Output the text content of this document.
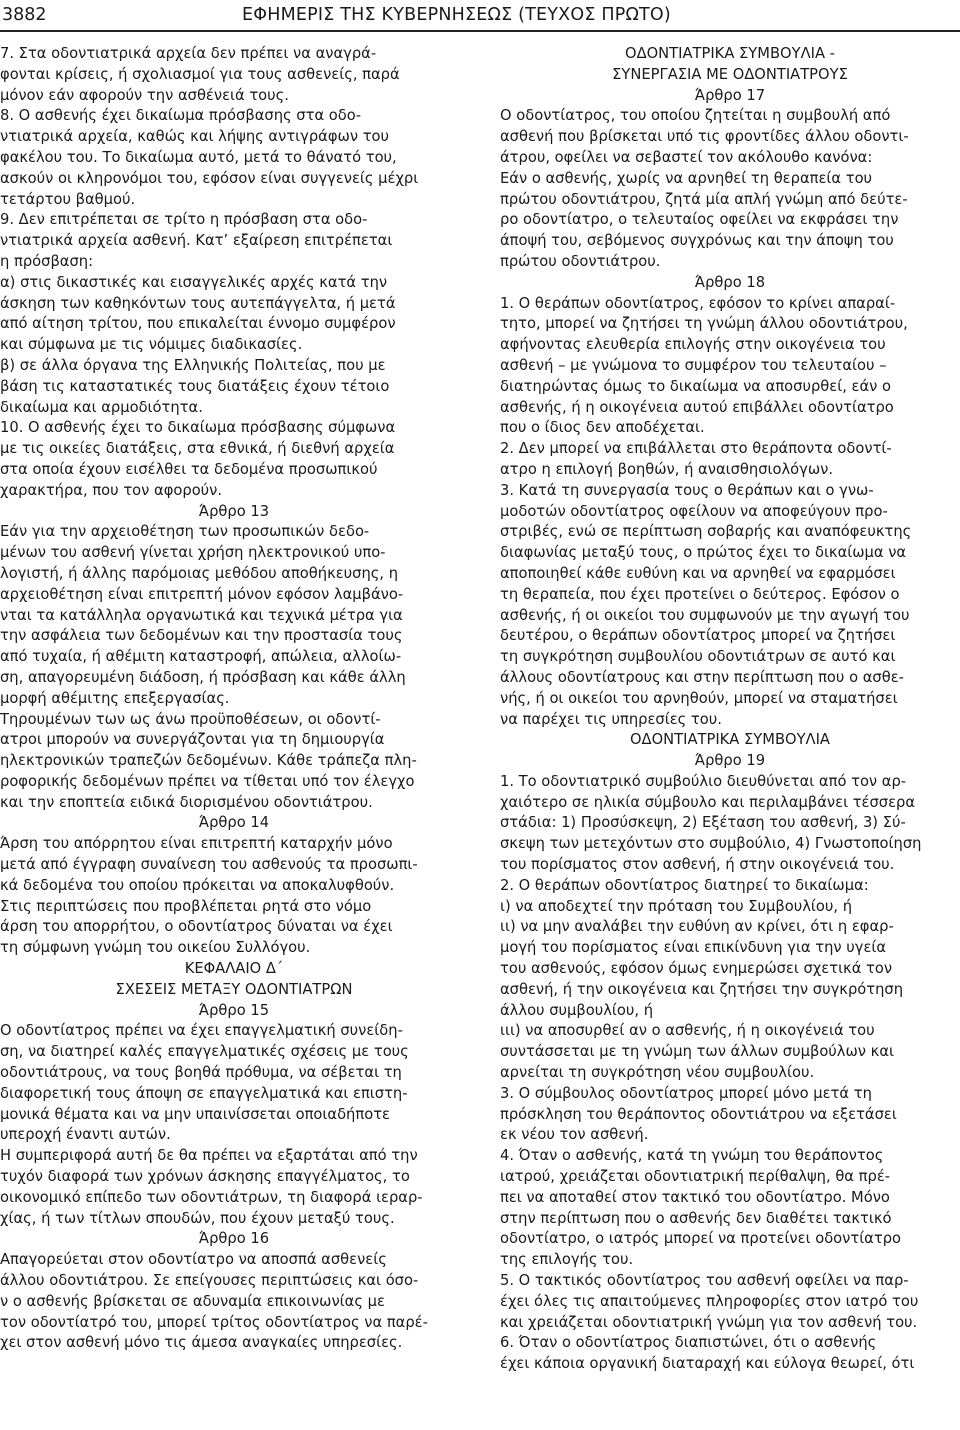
3882	ΕΦΗΜΕΡΙΣ ΤΗΣ ΚΥΒΕΡΝΗΣΕΩΣ (ΤΕΥΧΟΣ ΠΡΩΤΟ)

7. Στα οδοντιατρικά αρχεία δεν πρέπει να αναγρά-

φονται κρίσεις, ή σχολιασμοί για τους ασθενείς, παρά

μόνον εάν αφορούν την ασθένειά τους.

8. Ο ασθενής έχει δικαίωμα πρόσβασης στα οδο-

ντιατρικά αρχεία, καθώς και λήψης αντιγράφων του

φακέλου του. Το δικαίωμα αυτό, μετά το θάνατό του,

ασκούν οι κληρονόμοι του, εφόσον είναι συγγενείς μέχρι

τετάρτου βαθμού.

9. Δεν επιτρέπεται σε τρίτο η πρόσβαση στα οδο-

ντιατρικά αρχεία ασθενή. Κατ’ εξαίρεση επιτρέπεται

η πρόσβαση:

α) στις δικαστικές και εισαγγελικές αρχές κατά την

άσκηση των καθηκόντων τους αυτεπάγγελτα, ή μετά

από αίτηση τρίτου, που επικαλείται έννομο συμφέρον

και σύμφωνα με τις νόμιμες διαδικασίες.

β) σε άλλα όργανα της Ελληνικής Πολιτείας, που με

βάση τις καταστατικές τους διατάξεις έχουν τέτοιο

δικαίωμα και αρμοδιότητα.

10. Ο ασθενής έχει το δικαίωμα πρόσβασης σύμφωνα

με τις οικείες διατάξεις, στα εθνικά, ή διεθνή αρχεία

στα οποία έχουν εισέλθει τα δεδομένα προσωπικού

χαρακτήρα, που τον αφορούν.

Άρθρο 13

Εάν για την αρχειοθέτηση των προσωπικών δεδο-

μένων του ασθενή γίνεται χρήση ηλεκτρονικού υπο-

λογιστή, ή άλλης παρόμοιας μεθόδου αποθήκευσης, η

αρχειοθέτηση είναι επιτρεπτή μόνον εφόσον λαμβάνο-

νται τα κατάλληλα οργανωτικά και τεχνικά μέτρα για

την ασφάλεια των δεδομένων και την προστασία τους

από τυχαία, ή αθέμιτη καταστροφή, απώλεια, αλλοίω-

ση, απαγορευμένη διάδοση, ή πρόσβαση και κάθε άλλη

μορφή αθέμιτης επεξεργασίας.

Τηρουμένων των ως άνω προϋποθέσεων, οι οδοντί-

ατροι μπορούν να συνεργάζονται για τη δημιουργία

ηλεκτρονικών τραπεζών δεδομένων. Κάθε τράπεζα πλη-

ροφορικής δεδομένων πρέπει να τίθεται υπό τον έλεγχο

και την εποπτεία ειδικά διορισμένου οδοντιάτρου.

Άρθρο 14

Άρση του απόρρητου είναι επιτρεπτή καταρχήν μόνο

μετά από έγγραφη συναίνεση του ασθενούς τα προσωπι-

κά δεδομένα του οποίου πρόκειται να αποκαλυφθούν.

Στις περιπτώσεις που προβλέπεται ρητά στο νόμο

άρση του απορρήτου, ο οδοντίατρος δύναται να έχει

τη σύμφωνη γνώμη του οικείου Συλλόγου.

ΚΕΦΑΛΑΙΟ Δ΄

ΣΧΕΣΕΙΣ ΜΕΤΑΞΥ ΟΔΟΝΤΙΑΤΡΩΝ

Άρθρο 15

Ο οδοντίατρος πρέπει να έχει επαγγελματική συνείδη-

ση, να διατηρεί καλές επαγγελματικές σχέσεις με τους

οδοντιάτρους, να τους βοηθά πρόθυμα, να σέβεται τη

διαφορετική τους άποψη σε επαγγελματικά και επιστη-

μονικά θέματα και να μην υπαινίσσεται οποιαδήποτε

υπεροχή έναντι αυτών.

Η συμπεριφορά αυτή δε θα πρέπει να εξαρτάται από την

τυχόν διαφορά των χρόνων άσκησης επαγγέλματος, το

οικονομικό επίπεδο των οδοντιάτρων, τη διαφορά ιεραρ-

χίας, ή των τίτλων σπουδών, που έχουν μεταξύ τους.

Άρθρο 16

Απαγορεύεται στον οδοντίατρο να αποσπά ασθενείς

άλλου οδοντιάτρου. Σε επείγουσες περιπτώσεις και όσο-

ν ο ασθενής βρίσκεται σε αδυναμία επικοινωνίας με

τον οδοντίατρό του, μπορεί τρίτος οδοντίατρος να παρέ-

χει στον ασθενή μόνο τις άμεσα αναγκαίες υπηρεσίες.

ΟΔΟΝΤΙΑΤΡΙΚΑ ΣΥΜΒΟΥΛΙΑ -

ΣΥΝΕΡΓΑΣΙΑ ΜΕ ΟΔΟΝΤΙΑΤΡΟΥΣ

Άρθρο 17

Ο οδοντίατρος, του οποίου ζητείται η συμβουλή από

ασθενή που βρίσκεται υπό τις φροντίδες άλλου οδοντι-

άτρου, οφείλει να σεβαστεί τον ακόλουθο κανόνα:

Εάν ο ασθενής, χωρίς να αρνηθεί τη θεραπεία του

πρώτου οδοντιάτρου, ζητά μία απλή γνώμη από δεύτε-

ρο οδοντίατρο, ο τελευταίος οφείλει να εκφράσει την

άποψή του, σεβόμενος συγχρόνως και την άποψη του

πρώτου οδοντιάτρου.

Άρθρο 18

1. Ο θεράπων οδοντίατρος, εφόσον το κρίνει απαραί-

τητο, μπορεί να ζητήσει τη γνώμη άλλου οδοντιάτρου,

αφήνοντας ελευθερία επιλογής στην οικογένεια του

ασθενή – με γνώμονα το συμφέρον του τελευταίου –

διατηρώντας όμως το δικαίωμα να αποσυρθεί, εάν ο

ασθενής, ή η οικογένεια αυτού επιβάλλει οδοντίατρο

που ο ίδιος δεν αποδέχεται.

2. Δεν μπορεί να επιβάλλεται στο θεράποντα οδοντί-

ατρο η επιλογή βοηθών, ή αναισθησιολόγων.

3. Κατά τη συνεργασία τους ο θεράπων και ο γνω-

μοδοτών οδοντίατρος οφείλουν να αποφεύγουν προ-

στριβές, ενώ σε περίπτωση σοβαρής και αναπόφευκτης

διαφωνίας μεταξύ τους, ο πρώτος έχει το δικαίωμα να

αποποιηθεί κάθε ευθύνη και να αρνηθεί να εφαρμόσει

τη θεραπεία, που έχει προτείνει ο δεύτερος. Εφόσον ο

ασθενής, ή οι οικείοι του συμφωνούν με την αγωγή του

δευτέρου, ο θεράπων οδοντίατρος μπορεί να ζητήσει

τη συγκρότηση συμβουλίου οδοντιάτρων σε αυτό και

άλλους οδοντίατρους και στην περίπτωση που ο ασθε-

νής, ή οι οικείοι του αρνηθούν, μπορεί να σταματήσει

να παρέχει τις υπηρεσίες του.

ΟΔΟΝΤΙΑΤΡΙΚΑ ΣΥΜΒΟΥΛΙΑ

Άρθρο 19

1. Το οδοντιατρικό συμβούλιο διευθύνεται από τον αρ-

χαιότερο σε ηλικία σύμβουλο και περιλαμβάνει τέσσερα

στάδια: 1) Προσύσκεψη, 2) Εξέταση του ασθενή, 3) Σύ-

σκεψη των μετεχόντων στο συμβούλιο, 4) Γνωστοποίηση

του πορίσματος στον ασθενή, ή στην οικογένειά του.

2. Ο θεράπων οδοντίατρος διατηρεί το δικαίωμα:

ι) να αποδεχτεί την πρόταση του Συμβουλίου, ή

ιι) να μην αναλάβει την ευθύνη αν κρίνει, ότι η εφαρ-

μογή του πορίσματος είναι επικίνδυνη για την υγεία

του ασθενούς, εφόσον όμως ενημερώσει σχετικά τον

ασθενή, ή την οικογένεια και ζητήσει την συγκρότηση

άλλου συμβουλίου, ή

ιιι) να αποσυρθεί αν ο ασθενής, ή η οικογένειά του

συντάσσεται με τη γνώμη των άλλων συμβούλων και

αρνείται τη συγκρότηση νέου συμβουλίου.

3. Ο σύμβουλος οδοντίατρος μπορεί μόνο μετά τη

πρόσκληση του θεράποντος οδοντιάτρου να εξετάσει

εκ νέου τον ασθενή.

4. Όταν ο ασθενής, κατά τη γνώμη του θεράποντος

ιατρού, χρειάζεται οδοντιατρική περίθαλψη, θα πρέ-

πει να αποταθεί στον τακτικό του οδοντίατρο. Μόνο

στην περίπτωση που ο ασθενής δεν διαθέτει τακτικό

οδοντίατρο, ο ιατρός μπορεί να προτείνει οδοντίατρο

της επιλογής του.

5. Ο τακτικός οδοντίατρος του ασθενή οφείλει να παρ-

έχει όλες τις απαιτούμενες πληροφορίες στον ιατρό του

και χρειάζεται οδοντιατρική γνώμη για τον ασθενή του.

6. Όταν ο οδοντίατρος διαπιστώνει, ότι ο ασθενής

έχει κάποια οργανική διαταραχή και εύλογα θεωρεί, ότι
